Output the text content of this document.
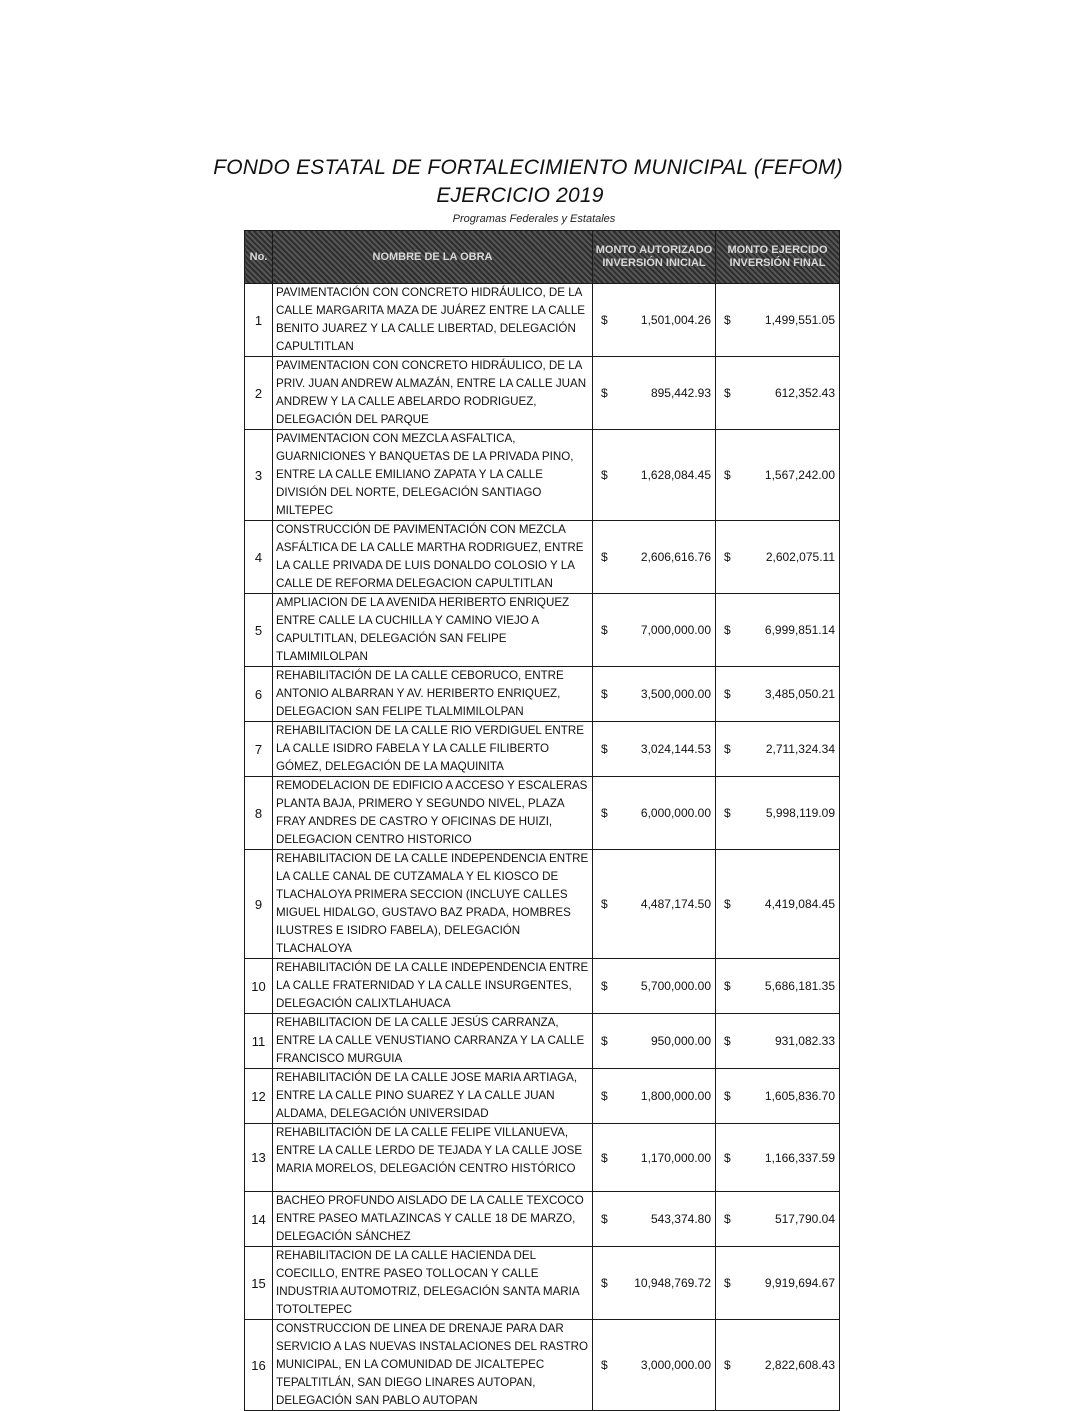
FONDO ESTATAL DE FORTALECIMIENTO MUNICIPAL (FEFOM)
EJERCICIO 2019
Programas Federales y Estatales
No.	NOMBRE DE LA OBRA	MONTO AUTORIZADO INVERSIÓN INICIAL	MONTO EJERCIDO INVERSIÓN FINAL
1	PAVIMENTACIÓN CON CONCRETO HIDRÁULICO, DE LA CALLE MARGARITA MAZA DE JUÁREZ ENTRE LA CALLE BENITO JUAREZ Y LA CALLE LIBERTAD, DELEGACIÓN CAPULTITLAN	$ 1,501,004.26	$ 1,499,551.05

2	PAVIMENTACION CON CONCRETO HIDRÁULICO, DE LA PRIV. JUAN ANDREW ALMAZÁN, ENTRE LA CALLE JUAN ANDREW Y LA CALLE ABELARDO RODRIGUEZ, DELEGACIÓN DEL PARQUE	$ 895,442.93	$ 612,352.43

3	PAVIMENTACION CON MEZCLA ASFALTICA, GUARNICIONES Y BANQUETAS DE LA PRIVADA PINO, ENTRE LA CALLE EMILIANO ZAPATA Y LA CALLE DIVISIÓN DEL NORTE, DELEGACIÓN SANTIAGO MILTEPEC	$ 1,628,084.45	$ 1,567,242.00

4	CONSTRUCCIÓN DE PAVIMENTACIÓN CON MEZCLA ASFÁLTICA DE LA CALLE MARTHA RODRIGUEZ, ENTRE LA CALLE PRIVADA DE LUIS DONALDO COLOSIO Y LA CALLE DE REFORMA DELEGACION CAPULTITLAN	$ 2,606,616.76	$ 2,602,075.11

5	AMPLIACION DE LA AVENIDA HERIBERTO ENRIQUEZ ENTRE CALLE LA CUCHILLA Y CAMINO VIEJO A CAPULTITLAN, DELEGACIÓN SAN FELIPE TLAMIMILOLPAN	$ 7,000,000.00	$ 6,999,851.14

6	REHABILITACIÓN DE LA CALLE CEBORUCO, ENTRE ANTONIO ALBARRAN Y AV. HERIBERTO ENRIQUEZ, DELEGACION SAN FELIPE TLALMIMILOLPAN	$ 3,500,000.00	$ 3,485,050.21

7	REHABILITACION DE LA CALLE RIO VERDIGUEL ENTRE LA CALLE ISIDRO FABELA Y LA CALLE FILIBERTO GÓMEZ, DELEGACIÓN DE LA MAQUINITA	$ 3,024,144.53	$ 2,711,324.34

8	REMODELACION DE EDIFICIO A ACCESO Y ESCALERAS PLANTA BAJA, PRIMERO Y SEGUNDO NIVEL, PLAZA FRAY ANDRES DE CASTRO Y OFICINAS DE HUIZI, DELEGACION CENTRO HISTORICO	$ 6,000,000.00	$ 5,998,119.09

9	REHABILITACION DE LA CALLE INDEPENDENCIA ENTRE LA CALLE CANAL DE CUTZAMALA Y EL KIOSCO DE TLACHALOYA PRIMERA SECCION (INCLUYE CALLES MIGUEL HIDALGO, GUSTAVO BAZ PRADA, HOMBRES ILUSTRES E ISIDRO FABELA), DELEGACIÓN TLACHALOYA	$ 4,487,174.50	$ 4,419,084.45

10	REHABILITACIÓN DE LA CALLE INDEPENDENCIA ENTRE LA CALLE FRATERNIDAD Y LA CALLE INSURGENTES, DELEGACIÓN CALIXTLAHUACA	$ 5,700,000.00	$ 5,686,181.35

11	REHABILITACION DE LA CALLE JESÚS CARRANZA, ENTRE LA CALLE VENUSTIANO CARRANZA Y LA CALLE FRANCISCO MURGUIA	$ 950,000.00	$ 931,082.33

12	REHABILITACIÓN DE LA CALLE JOSE MARIA ARTIAGA, ENTRE LA CALLE PINO SUAREZ Y LA CALLE JUAN ALDAMA, DELEGACIÓN UNIVERSIDAD	$ 1,800,000.00	$ 1,605,836.70

13	REHABILITACIÓN DE LA CALLE FELIPE VILLANUEVA, ENTRE LA CALLE LERDO DE TEJADA Y LA CALLE JOSE MARIA MORELOS, DELEGACIÓN CENTRO HISTÓRICO	$ 1,170,000.00	$ 1,166,337.59

14	BACHEO PROFUNDO AISLADO DE LA CALLE TEXCOCO ENTRE PASEO MATLAZINCAS Y CALLE 18 DE MARZO, DELEGACIÓN SÁNCHEZ	$ 543,374.80	$ 517,790.04

15	REHABILITACION DE LA CALLE HACIENDA DEL COECILLO, ENTRE PASEO TOLLOCAN Y CALLE INDUSTRIA AUTOMOTRIZ, DELEGACIÓN SANTA MARIA TOTOLTEPEC	$ 10,948,769.72	$ 9,919,694.67

16	CONSTRUCCION DE LINEA DE DRENAJE PARA DAR SERVICIO A LAS NUEVAS INSTALACIONES DEL RASTRO MUNICIPAL, EN LA COMUNIDAD DE JICALTEPEC TEPALTITLÁN, SAN DIEGO LINARES AUTOPAN, DELEGACIÓN SAN PABLO AUTOPAN	$ 3,000,000.00	$ 2,822,608.43
